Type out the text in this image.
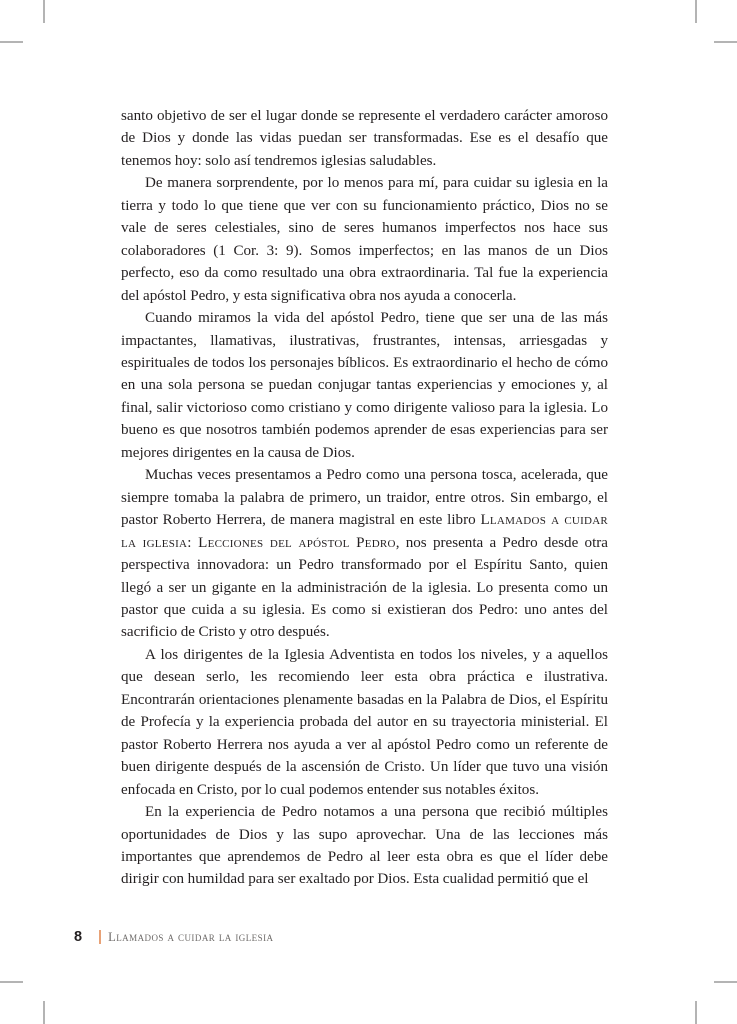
santo objetivo de ser el lugar donde se represente el verdadero carácter amoroso de Dios y donde las vidas puedan ser transformadas. Ese es el desafío que tenemos hoy: solo así tendremos iglesias saludables.

De manera sorprendente, por lo menos para mí, para cuidar su iglesia en la tierra y todo lo que tiene que ver con su funcionamiento práctico, Dios no se vale de seres celestiales, sino de seres humanos imperfectos nos hace sus colaboradores (1 Cor. 3: 9). Somos imperfectos; en las manos de un Dios perfecto, eso da como resultado una obra extraordinaria. Tal fue la experiencia del apóstol Pedro, y esta significativa obra nos ayuda a conocerla.

Cuando miramos la vida del apóstol Pedro, tiene que ser una de las más impactantes, llamativas, ilustrativas, frustrantes, intensas, arriesgadas y espirituales de todos los personajes bíblicos. Es extraordinario el hecho de cómo en una sola persona se puedan conjugar tantas experiencias y emociones y, al final, salir victorioso como cristiano y como dirigente valioso para la iglesia. Lo bueno es que nosotros también podemos aprender de esas experiencias para ser mejores dirigentes en la causa de Dios.

Muchas veces presentamos a Pedro como una persona tosca, acelerada, que siempre tomaba la palabra de primero, un traidor, entre otros. Sin embargo, el pastor Roberto Herrera, de manera magistral en este libro Llamados a cuidar la iglesia: Lecciones del apóstol Pedro, nos presenta a Pedro desde otra perspectiva innovadora: un Pedro transformado por el Espíritu Santo, quien llegó a ser un gigante en la administración de la iglesia. Lo presenta como un pastor que cuida a su iglesia. Es como si existieran dos Pedro: uno antes del sacrificio de Cristo y otro después.

A los dirigentes de la Iglesia Adventista en todos los niveles, y a aquellos que desean serlo, les recomiendo leer esta obra práctica e ilustrativa. Encontrarán orientaciones plenamente basadas en la Palabra de Dios, el Espíritu de Profecía y la experiencia probada del autor en su trayectoria ministerial. El pastor Roberto Herrera nos ayuda a ver al apóstol Pedro como un referente de buen dirigente después de la ascensión de Cristo. Un líder que tuvo una visión enfocada en Cristo, por lo cual podemos entender sus notables éxitos.

En la experiencia de Pedro notamos a una persona que recibió múltiples oportunidades de Dios y las supo aprovechar. Una de las lecciones más importantes que aprendemos de Pedro al leer esta obra es que el líder debe dirigir con humildad para ser exaltado por Dios. Esta cualidad permitió que el

8 Llamados a cuidar la iglesia
